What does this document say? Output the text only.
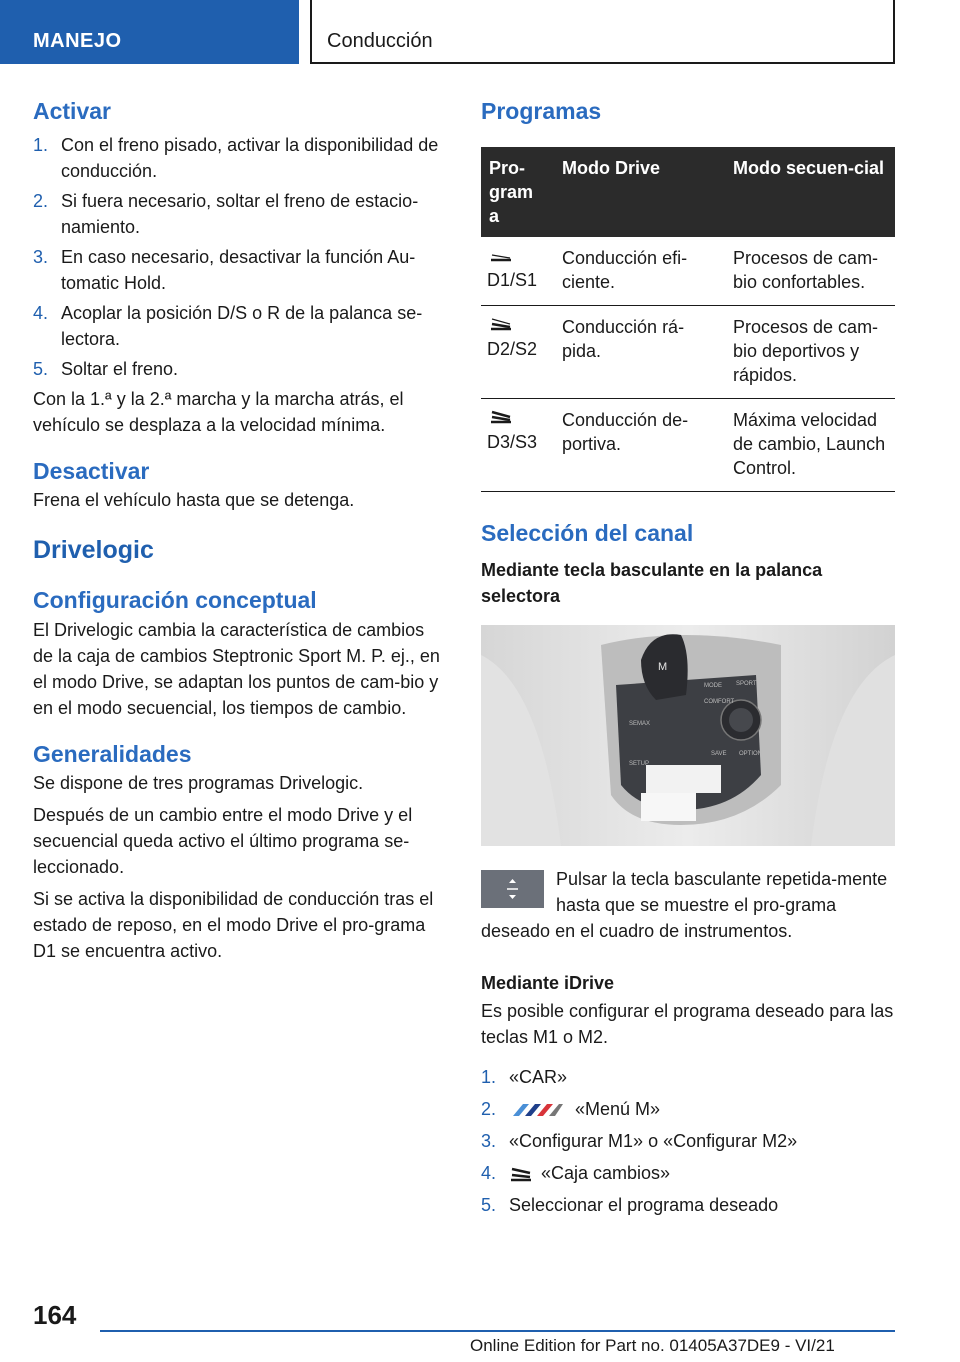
MANEJO	Conducción
Activar
1. Con el freno pisado, activar la disponibilidad de conducción.
2. Si fuera necesario, soltar el freno de estacio-namiento.
3. En caso necesario, desactivar la función Au-tomatic Hold.
4. Acoplar la posición D/S o R de la palanca se-lectora.
5. Soltar el freno.

Con la 1.ª y la 2.ª marcha y la marcha atrás, el vehículo se desplaza a la velocidad mínima.

Desactivar

Frena el vehículo hasta que se detenga.

Drivelogic
Configuración conceptual

El Drivelogic cambia la característica de cambios de la caja de cambios Steptronic Sport M. P. ej., en el modo Drive, se adaptan los puntos de cam-bio y en el modo secuencial, los tiempos de cambio.

Generalidades

Se dispone de tres programas Drivelogic.

Después de un cambio entre el modo Drive y el secuencial queda activo el último programa se-leccionado.

Si se activa la disponibilidad de conducción tras el estado de reposo, en el modo Drive el pro-grama D1 se encuentra activo.

Programas
Pro-gram a	Modo Drive	Modo secuen-cial

D1/S1	Conducción efi-ciente.	Procesos de cam-bio confortables.

D2/S2	Conducción rá-pida.	Procesos de cam-bio deportivos y rápidos.

D3/S3	Conducción de-portiva.	Máxima velocidad de cambio, Launch Control.
Selección del canal
Mediante tecla basculante en la palanca selectora
M
MODE SPORT
COMFORT
SEMAX
SETUP
SAVE OPTION

Pulsar la tecla basculante repetida-mente hasta que se muestre el pro-grama deseado en el cuadro de instrumentos.

Mediante iDrive

Es posible configurar el programa deseado para las teclas M1 o M2.

1. «CAR»
2.	«Menú M»
3. «Configurar M1» o «Configurar M2»
4. «Caja cambios»
5. Seleccionar el programa deseado
164
Online Edition for Part no. 01405A37DE9 - VI/21
